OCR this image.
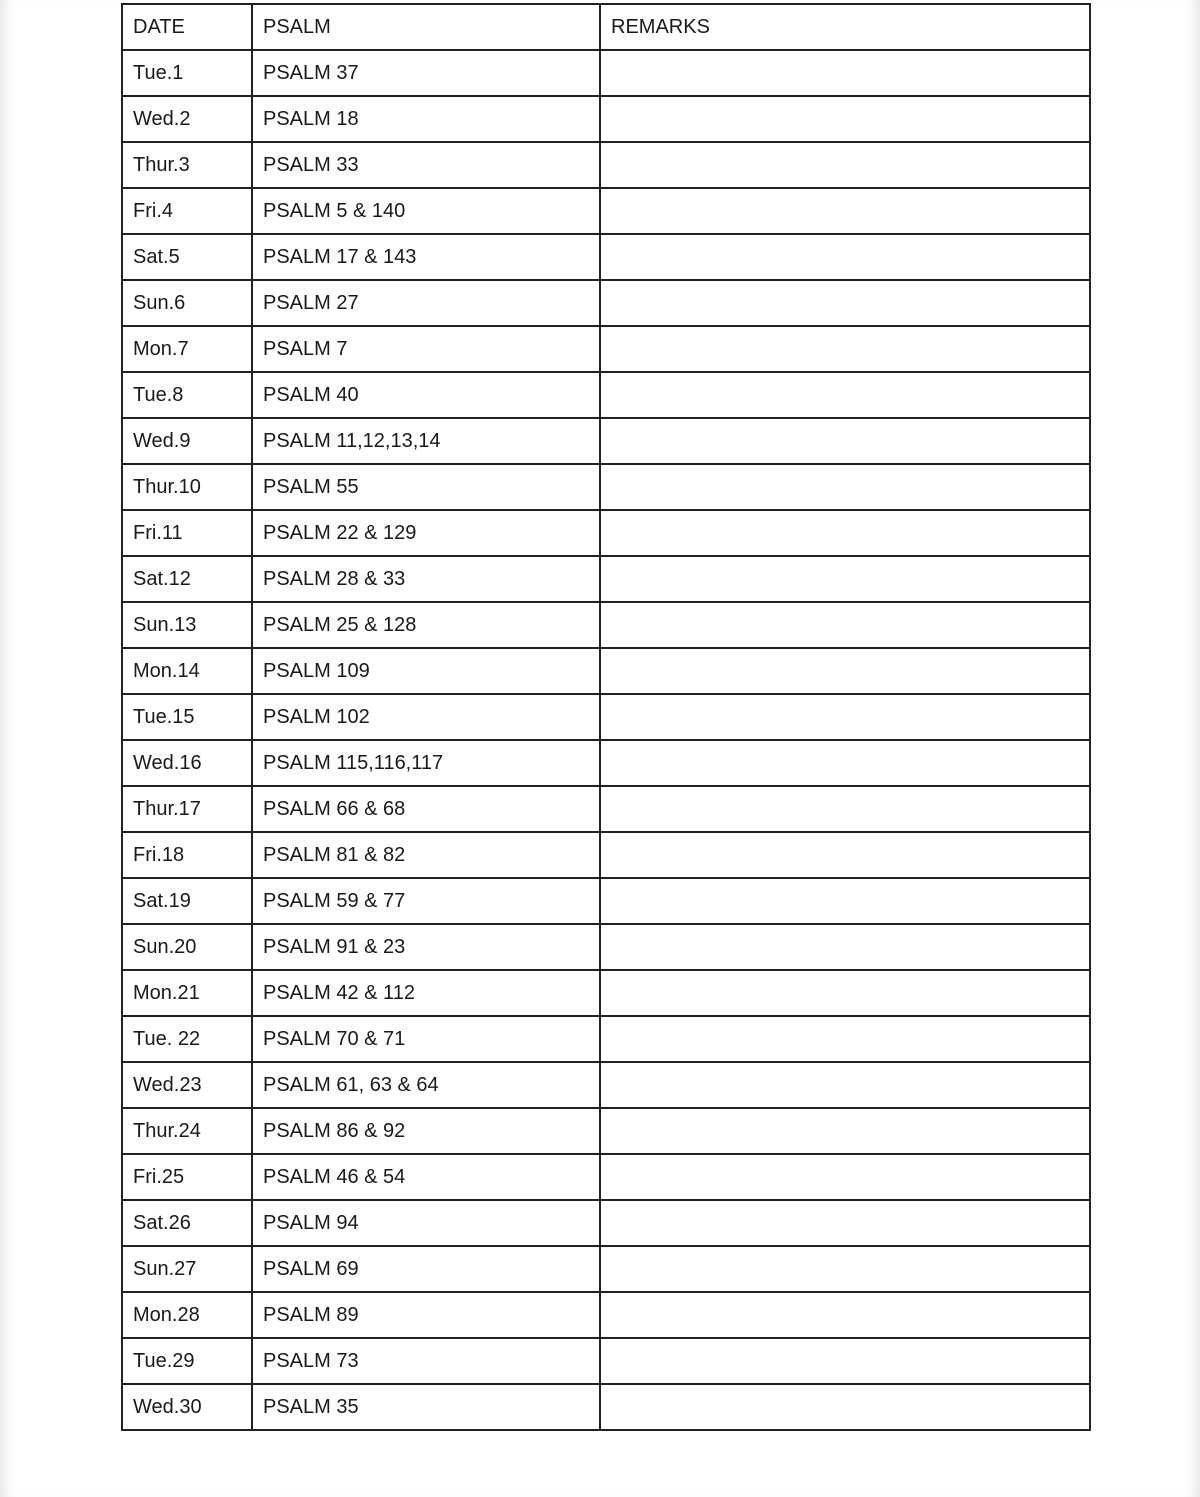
DATE	PSALM	REMARKS
Tue.1	PSALM 37	
Wed.2	PSALM 18	
Thur.3	PSALM 33	
Fri.4	PSALM 5 & 140	
Sat.5	PSALM 17 & 143	
Sun.6	PSALM 27	
Mon.7	PSALM 7	
Tue.8	PSALM 40	
Wed.9	PSALM 11,12,13,14	
Thur.10	PSALM 55	
Fri.11	PSALM 22 & 129	
Sat.12	PSALM 28 & 33	
Sun.13	PSALM 25 & 128	
Mon.14	PSALM 109	
Tue.15	PSALM 102	
Wed.16	PSALM 115,116,117	
Thur.17	PSALM 66 & 68	
Fri.18	PSALM 81 & 82	
Sat.19	PSALM 59 & 77	
Sun.20	PSALM 91 & 23	
Mon.21	PSALM 42 & 112	
Tue. 22	PSALM 70 & 71	
Wed.23	PSALM 61, 63 & 64	
Thur.24	PSALM 86 & 92	
Fri.25	PSALM 46 & 54	
Sat.26	PSALM 94	
Sun.27	PSALM 69	
Mon.28	PSALM 89	
Tue.29	PSALM 73	
Wed.30	PSALM 35	
